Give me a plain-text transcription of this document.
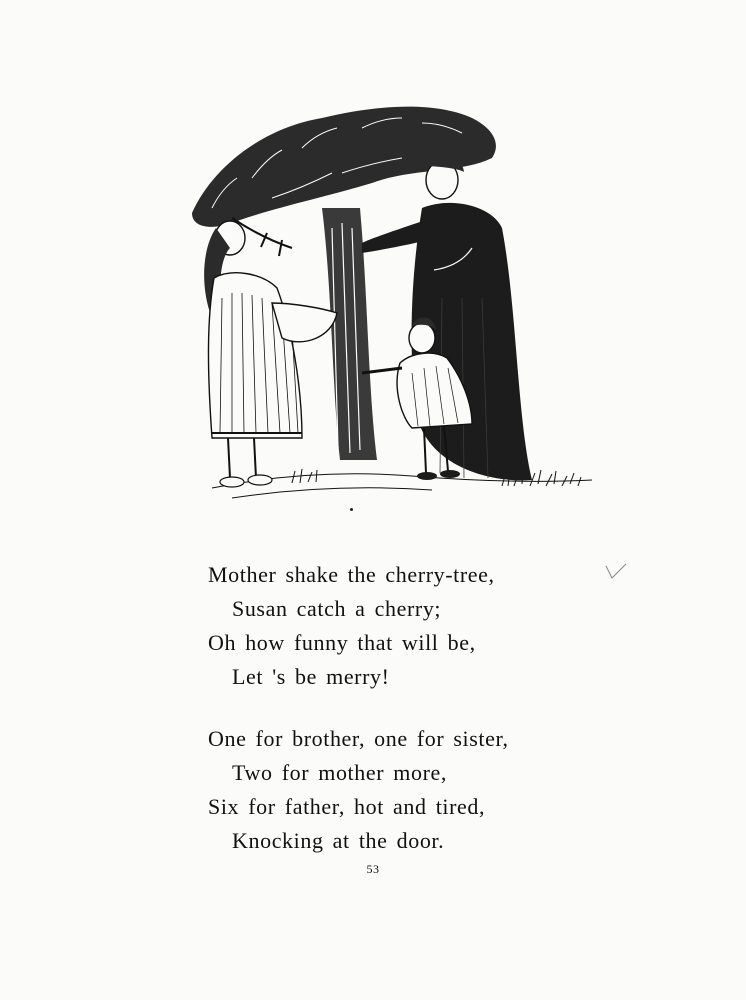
Mother shake the cherry-tree,
Susan catch a cherry;
Oh how funny that will be,
Let 's be merry!
One for brother, one for sister,
Two for mother more,
Six for father, hot and tired,
Knocking at the door.
53
